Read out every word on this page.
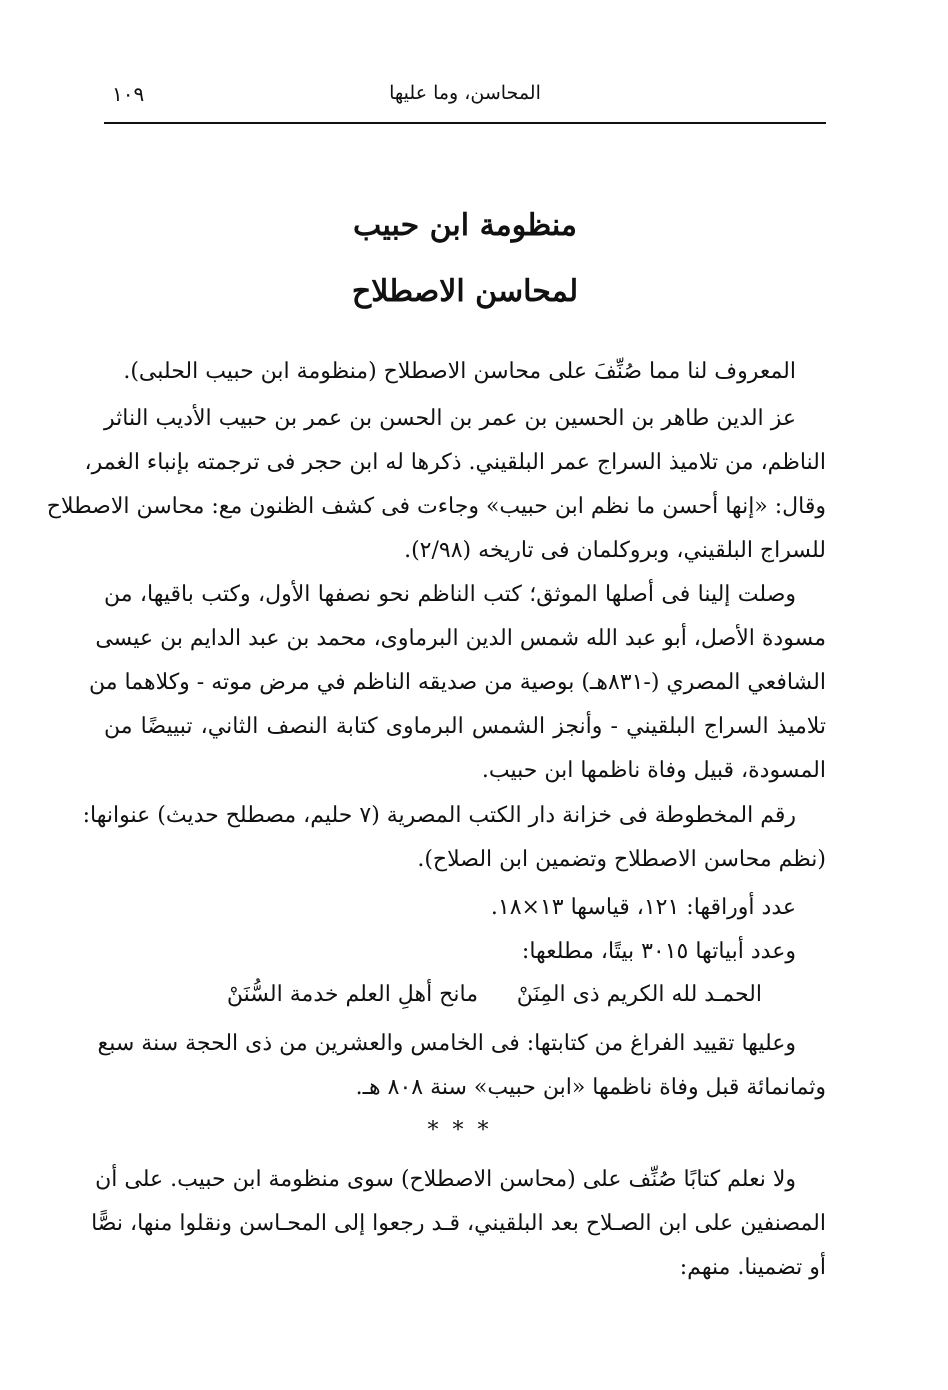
١٠٩	المحاسن، وما عليها
منظومة ابن حبيب
لمحاسن الاصطلاح
المعروف لنا مما صُنِّفَ على محاسن الاصطلاح (منظومة ابن حبيب الحلبى).
عز الدين طاهر بن الحسين بن عمر بن الحسن بن عمر بن حبيب الأديب الناثر
الناظم، من تلاميذ السراج عمر البلقيني. ذكرها له ابن حجر فى ترجمته بإنباء الغمر،
وقال: «إنها أحسن ما نظم ابن حبيب» وجاءت فى كشف الظنون مع: محاسن الاصطلاح
للسراج البلقيني، وبروكلمان فى تاريخه (٢/٩٨).
وصلت إلينا فى أصلها الموثق؛ كتب الناظم نحو نصفها الأول، وكتب باقيها، من
مسودة الأصل، أبو عبد الله شمس الدين البرماوى، محمد بن عبد الدايم بن عيسى
الشافعي المصري (-٨٣١هـ) بوصية من صديقه الناظم في مرض موته - وكلاهما من
تلاميذ السراج البلقيني - وأنجز الشمس البرماوى كتابة النصف الثاني، تبييضًا من
المسودة، قبيل وفاة ناظمها ابن حبيب.
رقم المخطوطة فى خزانة دار الكتب المصرية (٧ حليم، مصطلح حديث) عنوانها:
(نظم محاسن الاصطلاح وتضمين ابن الصلاح).
عدد أوراقها: ١٢١، قياسها ١٣×١٨.
وعدد أبياتها ٣٠١٥ بيتًا، مطلعها:
الحمـد لله الكريم ذى المِنَنْ
مانح أهلِ العلم خدمة السُّنَنْ
وعليها تقييد الفراغ من كتابتها: فى الخامس والعشرين من ذى الحجة سنة سبع
وثمانمائة قبل وفاة ناظمها «ابن حبيب» سنة ٨٠٨ هـ.
***
ولا نعلم كتابًا صُنِّف على (محاسن الاصطلاح) سوى منظومة ابن حبيب. على أن
المصنفين على ابن الصـلاح بعد البلقيني، قـد رجعوا إلى المحـاسن ونقلوا منها، نصًّا
أو تضمينا. منهم:
